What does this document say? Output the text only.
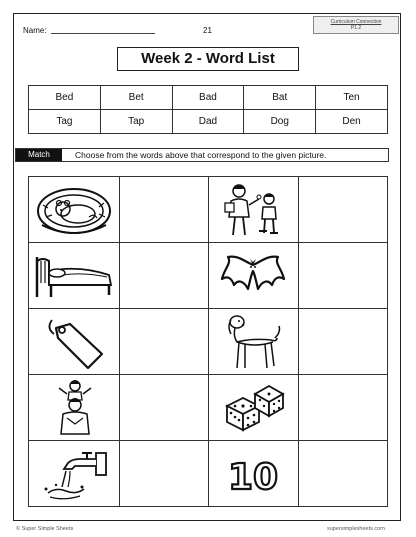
Name:	21
Curriculum Connection
P1.2
Week 2 - Word List
Bed	Bet	Bad	Bat	Ten
Tag	Tap	Dad	Dog	Den
Match	Choose from the words above that correspond to the given picture.

10	

© Super Simple Sheets	supersimplesheets.com
